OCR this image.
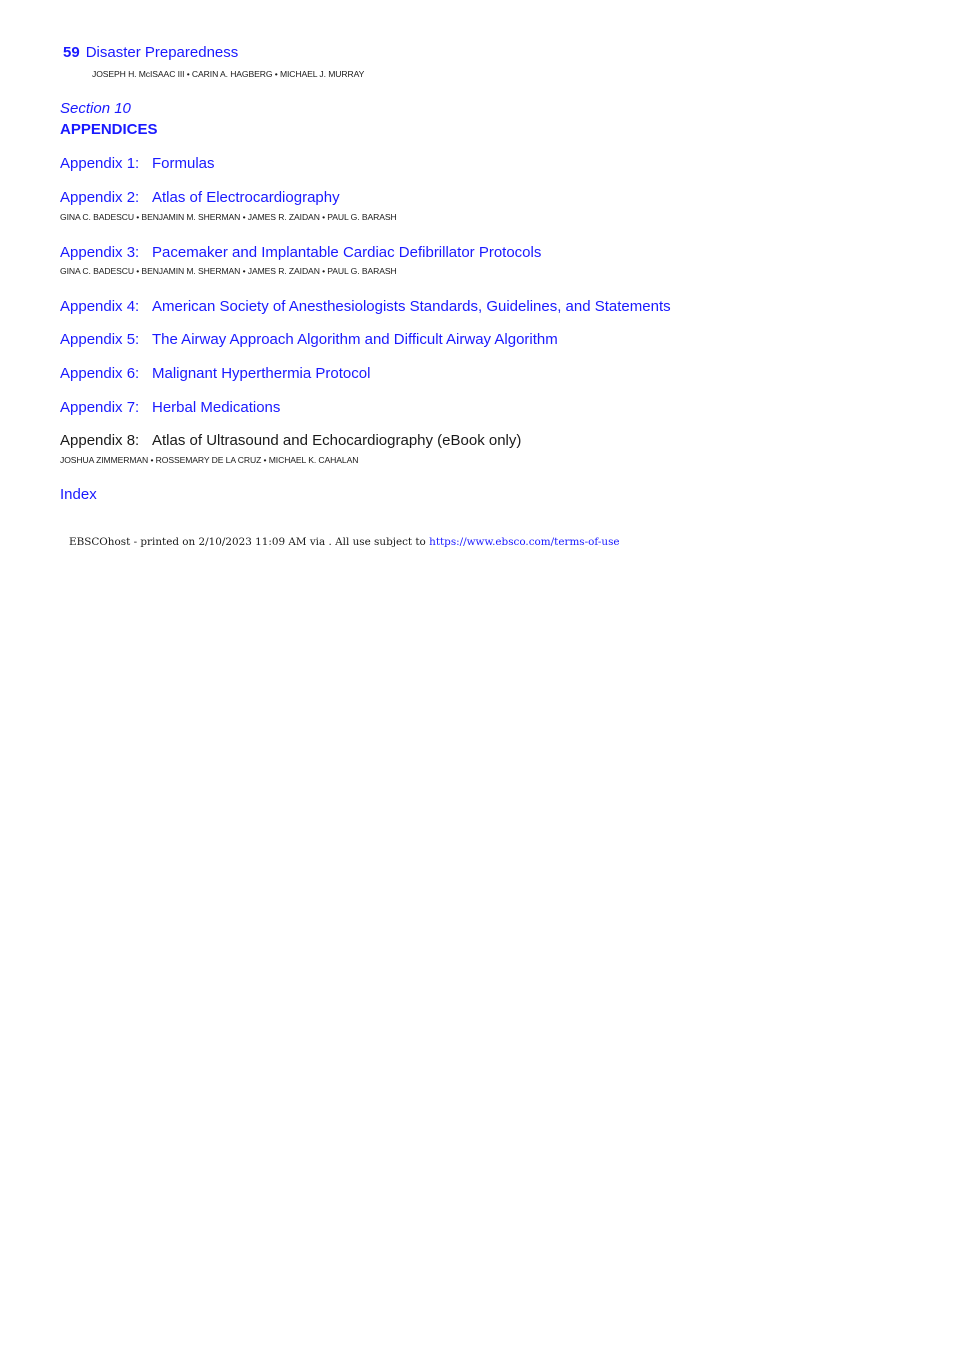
59 Disaster Preparedness
JOSEPH H. McISAAC III • CARIN A. HAGBERG • MICHAEL J. MURRAY
Section 10
APPENDICES
Appendix 1: Formulas
Appendix 2: Atlas of Electrocardiography
GINA C. BADESCU • BENJAMIN M. SHERMAN • JAMES R. ZAIDAN • PAUL G. BARASH
Appendix 3: Pacemaker and Implantable Cardiac Defibrillator Protocols
GINA C. BADESCU • BENJAMIN M. SHERMAN • JAMES R. ZAIDAN • PAUL G. BARASH
Appendix 4: American Society of Anesthesiologists Standards, Guidelines, and Statements
Appendix 5: The Airway Approach Algorithm and Difficult Airway Algorithm
Appendix 6: Malignant Hyperthermia Protocol
Appendix 7: Herbal Medications
Appendix 8: Atlas of Ultrasound and Echocardiography (eBook only)
JOSHUA ZIMMERMAN • ROSSEMARY DE LA CRUZ • MICHAEL K. CAHALAN
Index
EBSCOhost - printed on 2/10/2023 11:09 AM via . All use subject to https://www.ebsco.com/terms-of-use
